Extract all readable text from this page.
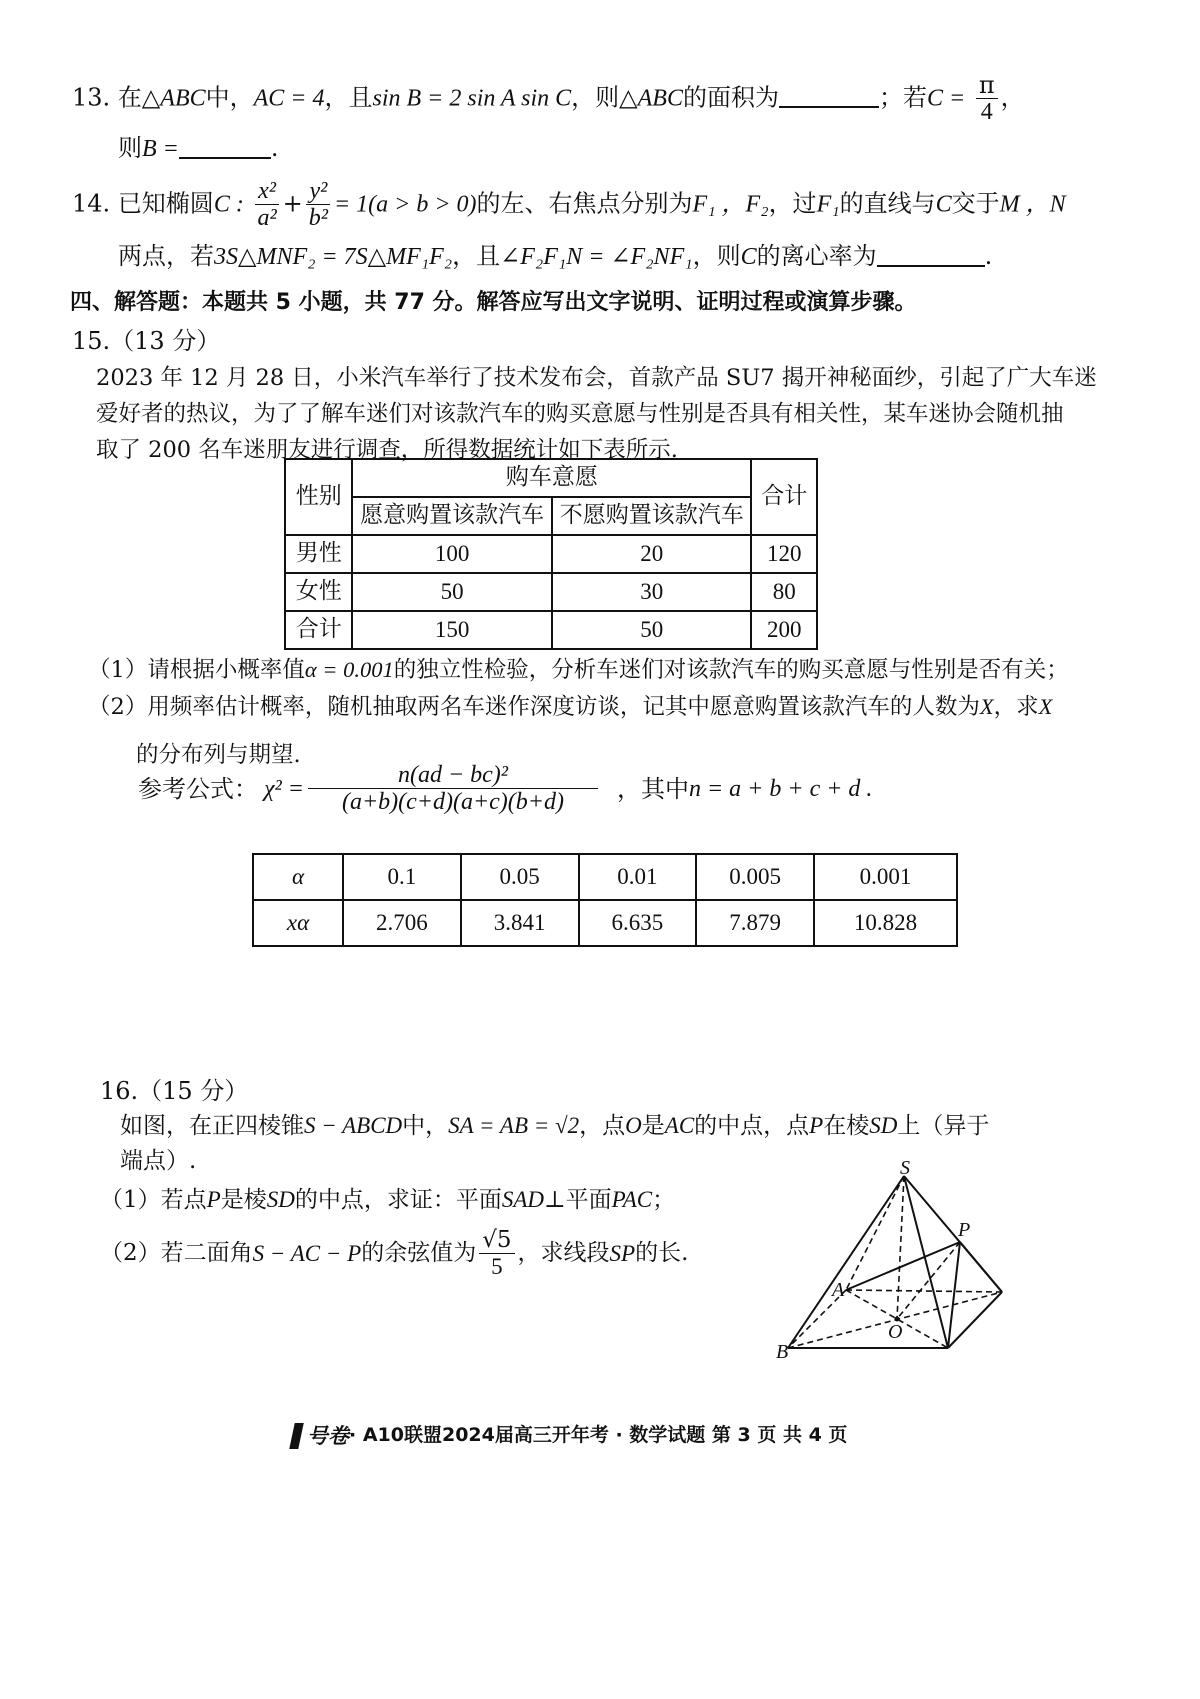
13. 在△ABC中，AC = 4，且sin B = 2 sin A sin C，则△ABC的面积为	；若$C = \frac{\pi}{4}$ ，
则B =	.
14. 已知椭圆C : $\frac{\text{x²}}{\text{a²}} + \frac{\text{y²}}{\text{b²}} = 1(a > b > 0)$的左、右焦点分别为F₁ ，F₂，过F₁的直线与C交于M ，N
两点，若3S△MNF₂ = 7S△MF₁F₂，且∠F₂F₁N = ∠F₂NF₁，则C的离心率为	.
四、解答题：本题共 5 小题，共 77 分。解答应写出文字说明、证明过程或演算步骤。
15.（13 分）
2023 年 12 月 28 日，小米汽车举行了技术发布会，首款产品 SU7 揭开神秘面纱，引起了广大车迷
爱好者的热议，为了了解车迷们对该款汽车的购买意愿与性别是否具有相关性，某车迷协会随机抽
取了 200 名车迷朋友进行调查，所得数据统计如下表所示.
性别	购车意愿		合计
	愿意购置该款汽车	不愿购置该款汽车	
男性	100	20	120
女性	50	30	80
合计	150	50	200
（1）请根据小概率值α = 0.001的独立性检验，分析车迷们对该款汽车的购买意愿与性别是否有关；
（2）用频率估计概率，随机抽取两名车迷作深度访谈，记其中愿意购置该款汽车的人数为X，求X
的分布列与期望.
参考公式： $\chi^2 = \frac{\text{n(ad − bc)²}}{(a+b)(c+d)(a+c)(b+d)}$ ，其中 n = a + b + c + d .
α	0.1	0.05	0.01	0.005	0.001
xα	2.706	3.841	6.635	7.879	10.828
16.（15 分）
如图，在正四棱锥S − ABCD中，SA = AB = √2，点O是AC的中点，点P在棱SD上（异于
端点）.
（1）若点P是棱SD的中点，求证：平面SAD⊥平面PAC；
（2）若二面角 S − AC − P 的余弦值为 $\frac{√5}{5}$ ，求线段 SP 的长.
S
P
A
O
B
号卷 · A10联盟2024届高三开年考 · 数学试题 第 3 页 共 4 页
